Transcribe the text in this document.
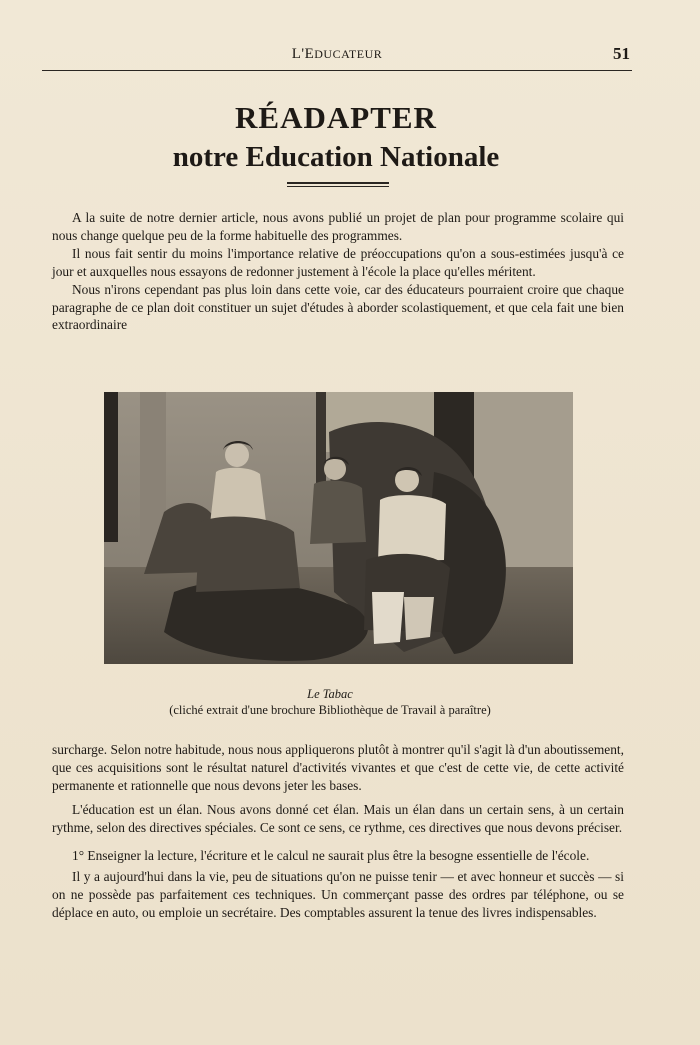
L'EDUCATEUR	51
RÉADAPTER
notre Education Nationale

A la suite de notre dernier article, nous avons publié un projet de plan pour programme scolaire qui nous change quelque peu de la forme habituelle des programmes.

Il nous fait sentir du moins l'importance relative de préoccupations qu'on a sous-estimées jusqu'à ce jour et auxquelles nous essayons de redonner justement à l'école la place qu'elles méritent.

Nous n'irons cependant pas plus loin dans cette voie, car des éducateurs pourraient croire que chaque paragraphe de ce plan doit constituer un sujet d'études à aborder scolastiquement, et que cela fait une bien extraordinaire

Le Tabac
(cliché extrait d'une brochure Bibliothèque de Travail à paraître)

surcharge. Selon notre habitude, nous nous appliquerons plutôt à montrer qu'il s'agit là d'un aboutissement, que ces acquisitions sont le résultat naturel d'activités vivantes et que c'est de cette vie, de cette activité permanente et rationnelle que nous devons jeter les bases.

L'éducation est un élan. Nous avons donné cet élan. Mais un élan dans un certain sens, à un certain rythme, selon des directives spéciales. Ce sont ce sens, ce rythme, ces directives que nous devons préciser.

1° Enseigner la lecture, l'écriture et le calcul ne saurait plus être la besogne essentielle de l'école.

Il y a aujourd'hui dans la vie, peu de situations qu'on ne puisse tenir — et avec honneur et succès — si on ne possède pas parfaitement ces techniques. Un commerçant passe des ordres par téléphone, ou se déplace en auto, ou emploie un secrétaire. Des comptables assurent la tenue des livres indispensables.
